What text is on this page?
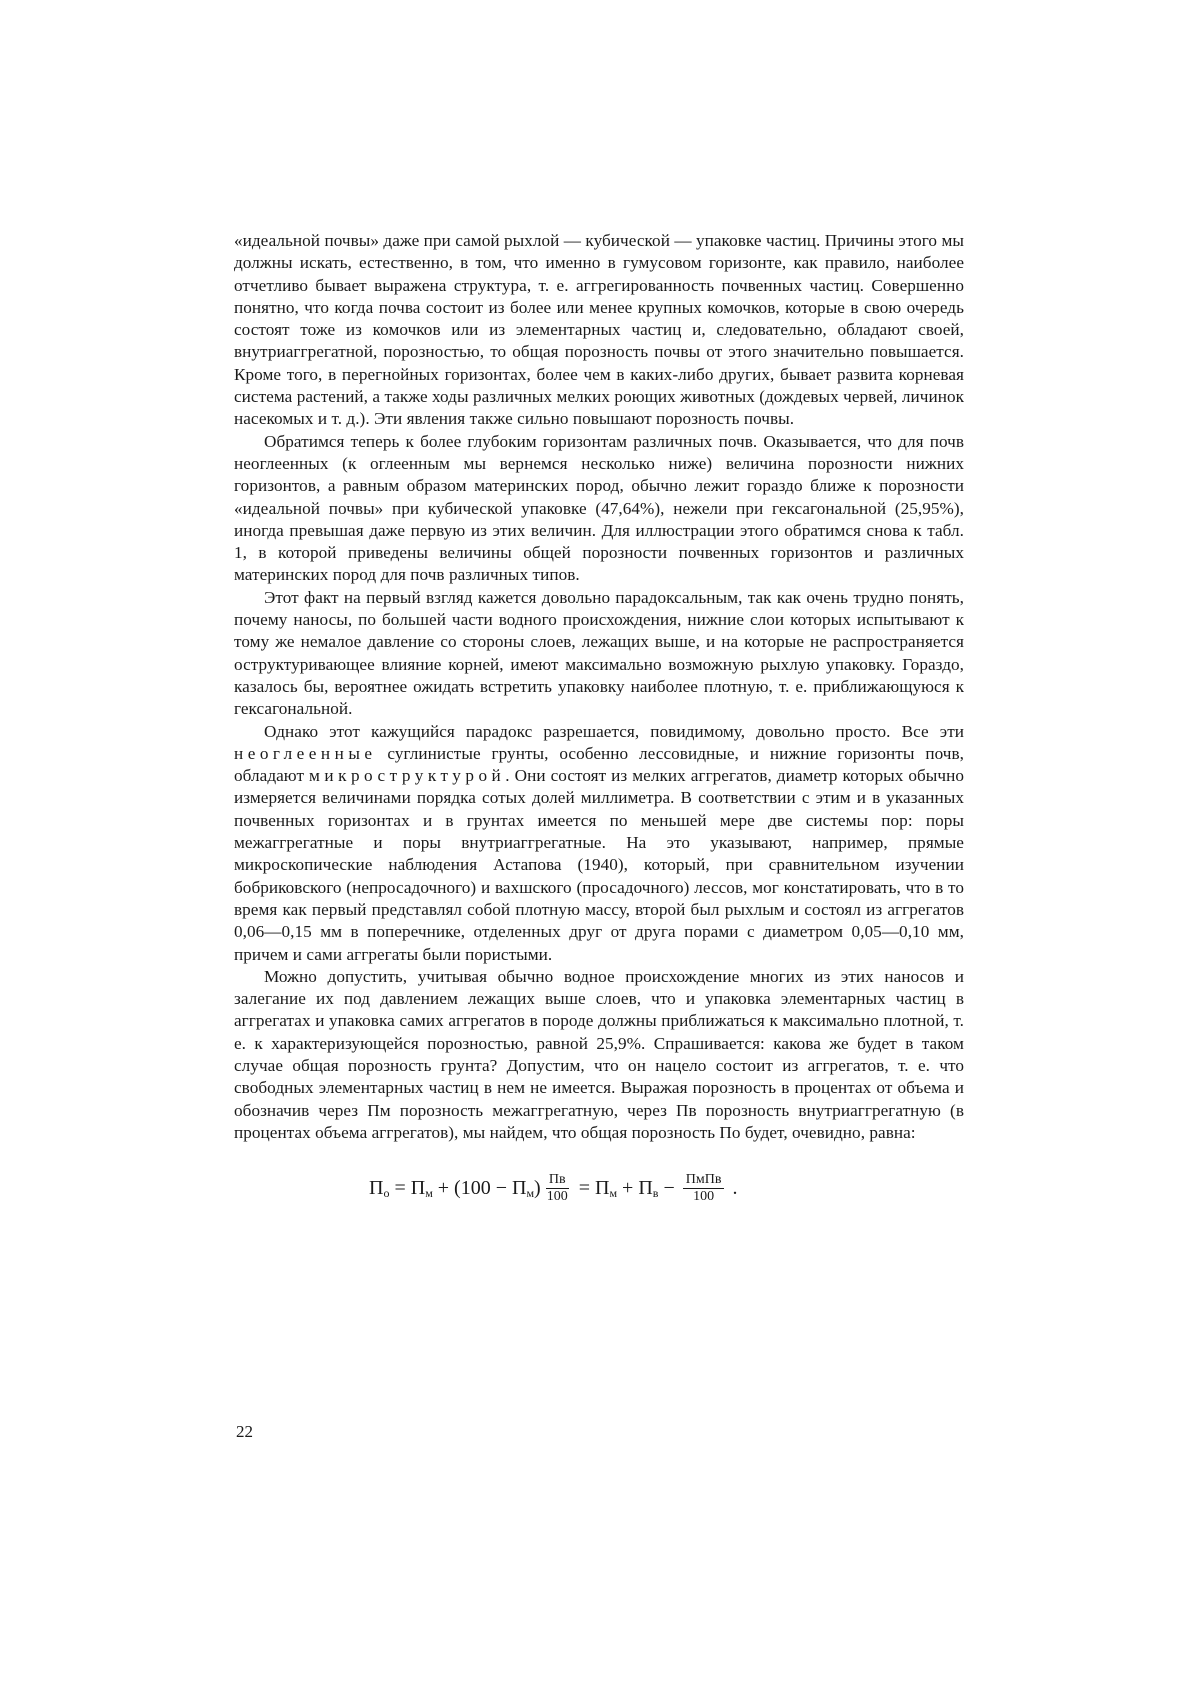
«идеальной почвы» даже при самой рыхлой — кубической — упаковке частиц. Причины этого мы должны искать, естественно, в том, что именно в гумусовом горизонте, как правило, наиболее отчетливо бывает выражена структура, т. е. аггрегированность почвенных частиц. Совершенно понятно, что когда почва состоит из более или менее крупных комочков, которые в свою очередь состоят тоже из комочков или из элементарных частиц и, следовательно, обладают своей, внутриаггрегатной, порозностью, то общая порозность почвы от этого значительно повышается. Кроме того, в перегнойных горизонтах, более чем в каких-либо других, бывает развита корневая система растений, а также ходы различных мелких роющих животных (дождевых червей, личинок насекомых и т. д.). Эти явления также сильно повышают порозность почвы.

Обратимся теперь к более глубоким горизонтам различных почв. Оказывается, что для почв неоглеенных (к оглеенным мы вернемся несколько ниже) величина порозности нижних горизонтов, а равным образом материнских пород, обычно лежит гораздо ближе к порозности «идеальной почвы» при кубической упаковке (47,64%), нежели при гексагональной (25,95%), иногда превышая даже первую из этих величин. Для иллюстрации этого обратимся снова к табл. 1, в которой приведены величины общей порозности почвенных горизонтов и различных материнских пород для почв различных типов.

Этот факт на первый взгляд кажется довольно парадоксальным, так как очень трудно понять, почему наносы, по большей части водного происхождения, нижние слои которых испытывают к тому же немалое давление со стороны слоев, лежащих выше, и на которые не распространяется оструктуривающее влияние корней, имеют максимально возможную рыхлую упаковку. Гораздо, казалось бы, вероятнее ожидать встретить упаковку наиболее плотную, т. е. приближающуюся к гексагональной.

Однако этот кажущийся парадокс разрешается, повидимому, довольно просто. Все эти неоглеенные суглинистые грунты, особенно лессовидные, и нижние горизонты почв, обладают микроструктурой. Они состоят из мелких аггрегатов, диаметр которых обычно измеряется величинами порядка сотых долей миллиметра. В соответствии с этим и в указанных почвенных горизонтах и в грунтах имеется по меньшей мере две системы пор: поры межаггрегатные и поры внутриаггрегатные. На это указывают, например, прямые микроскопические наблюдения Астапова (1940), который, при сравнительном изучении бобриковского (непросадочного) и вахшского (просадочного) лессов, мог констатировать, что в то время как первый представлял собой плотную массу, второй был рыхлым и состоял из аггрегатов 0,06—0,15 мм в поперечнике, отделенных друг от друга порами с диаметром 0,05—0,10 мм, причем и сами аггрегаты были пористыми.

Можно допустить, учитывая обычно водное происхождение многих из этих наносов и залегание их под давлением лежащих выше слоев, что и упаковка элементарных частиц в аггрегатах и упаковка самих аггрегатов в породе должны приближаться к максимально плотной, т. е. к характеризующейся порозностью, равной 25,9%. Спрашивается: какова же будет в таком случае общая порозность грунта? Допустим, что он нацело состоит из аггрегатов, т. е. что свободных элементарных частиц в нем не имеется. Выражая порозность в процентах от объема и обозначив через Пм порозность межаггрегатную, через Пв порозность внутриаггрегатную (в процентах объема аггрегатов), мы найдем, что общая порозность По будет, очевидно, равна:

П о = П м + (100 − П м ) $\frac{Пв}{100} = П$ м + П $в - \frac{\text{ПмПв}}{100}$ .
22
